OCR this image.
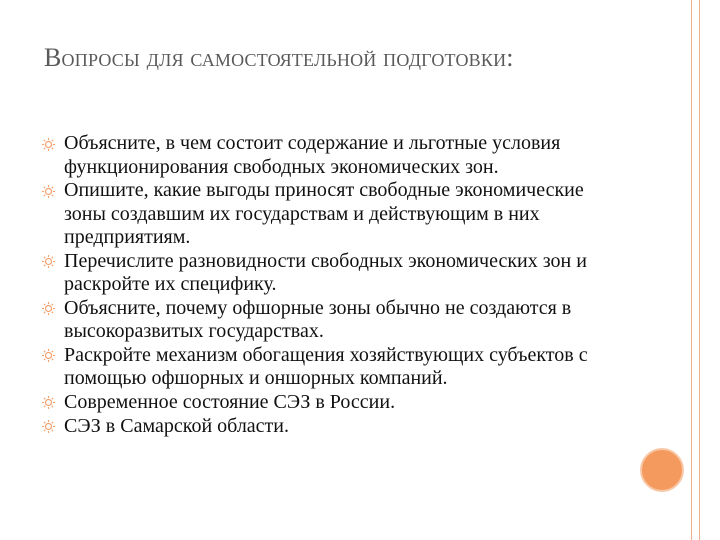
Вопросы для самостоятельной подготовки:
Объясните, в чем состоит содержание и льготные условия функционирования свободных экономических зон.
Опишите, какие выгоды приносят свободные экономические зоны создавшим их государствам и действующим в них предприятиям.
Перечислите разновидности свободных экономических зон и раскройте их специфику.
Объясните, почему офшорные зоны обычно не создаются в высокоразвитых государствах.
Раскройте механизм обогащения хозяйствующих субъектов с помощью офшорных и оншорных компаний.
Современное состояние СЭЗ в России.
СЭЗ в Самарской области.
